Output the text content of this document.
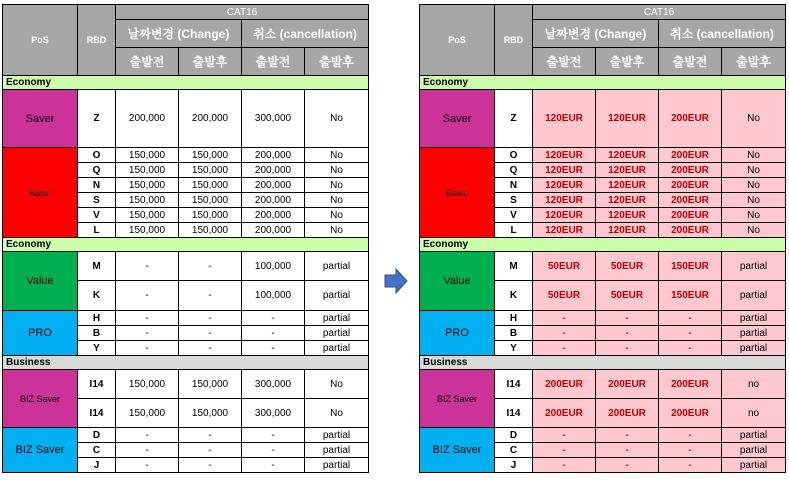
PoS	RBD	CAT16			
		날짜변경 (Change)		취소 (cancellation)	
		출발전	출발후	출발전	출발후
Economy					
Saver	Z	200,000	200,000	300,000	No
Basic	O	150,000	150,000	200,000	No
	Q	150,000	150,000	200,000	No
	N	150,000	150,000	200,000	No
	S	150,000	150,000	200,000	No
	V	150,000	150,000	200,000	No
	L	150,000	150,000	200,000	No
Economy					
Value	M	-	-	100,000	partial
	K	-	-	100,000	partial
PRO	H	-	-	-	partial
	B	-	-	-	partial
	Y	-	-	-	partial
Business					
BIZ Saver	I14	150,000	150,000	300,000	No
	I14	150,000	150,000	300,000	No
BIZ Saver	D	-	-	-	partial
	C	-	-	-	partial
	J	-	-	-	partial
PoS	RBD	CAT16			
		날짜변경 (Change)		취소 (cancellation)	
		출발전	출발후	출발전	출발후
Economy					
Saver	Z	120EUR	120EUR	200EUR	No
Basic	O	120EUR	120EUR	200EUR	No
	Q	120EUR	120EUR	200EUR	No
	N	120EUR	120EUR	200EUR	No
	S	120EUR	120EUR	200EUR	No
	V	120EUR	120EUR	200EUR	No
	L	120EUR	120EUR	200EUR	No
Economy					
Value	M	50EUR	50EUR	150EUR	partial
	K	50EUR	50EUR	150EUR	partial
PRO	H	-	-	-	partial
	B	-	-	-	partial
	Y	-	-	-	partial
Business					
BIZ Saver	I14	200EUR	200EUR	200EUR	no
	I14	200EUR	200EUR	200EUR	no
BIZ Saver	D	-	-	-	partial
	C	-	-	-	partial
	J	-	-	-	partial
